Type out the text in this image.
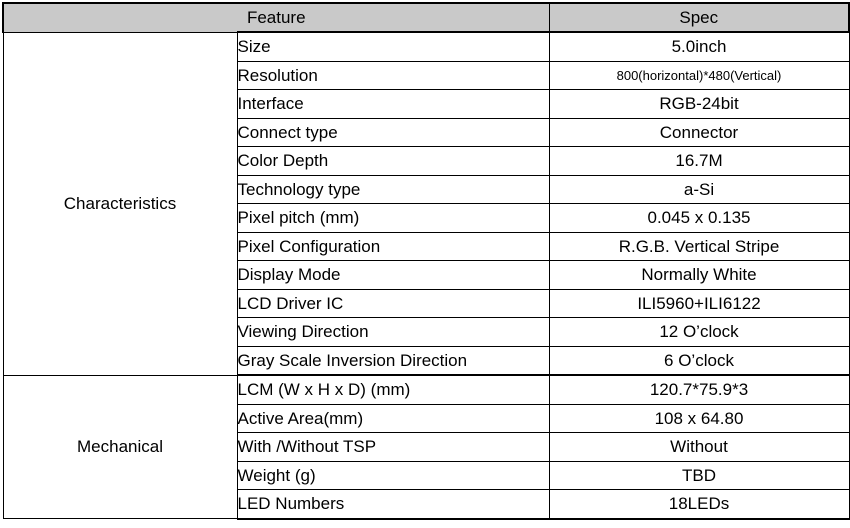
Feature		Spec
Characteristics	Size	5.0inch
	Resolution	800(horizontal)*480(Vertical)
	Interface	RGB-24bit
	Connect type	Connector
	Color Depth	16.7M
	Technology type	a-Si
	Pixel pitch (mm)	0.045 x 0.135
	Pixel Configuration	R.G.B. Vertical Stripe
	Display Mode	Normally White
	LCD Driver IC	ILI5960+ILI6122
	Viewing Direction	12 O’clock
	Gray Scale Inversion Direction	6 O’clock
Mechanical	LCM (W x H x D) (mm)	120.7*75.9*3
	Active Area(mm)	108 x 64.80
	With /Without TSP	Without
	Weight (g)	TBD
	LED Numbers	18LEDs
